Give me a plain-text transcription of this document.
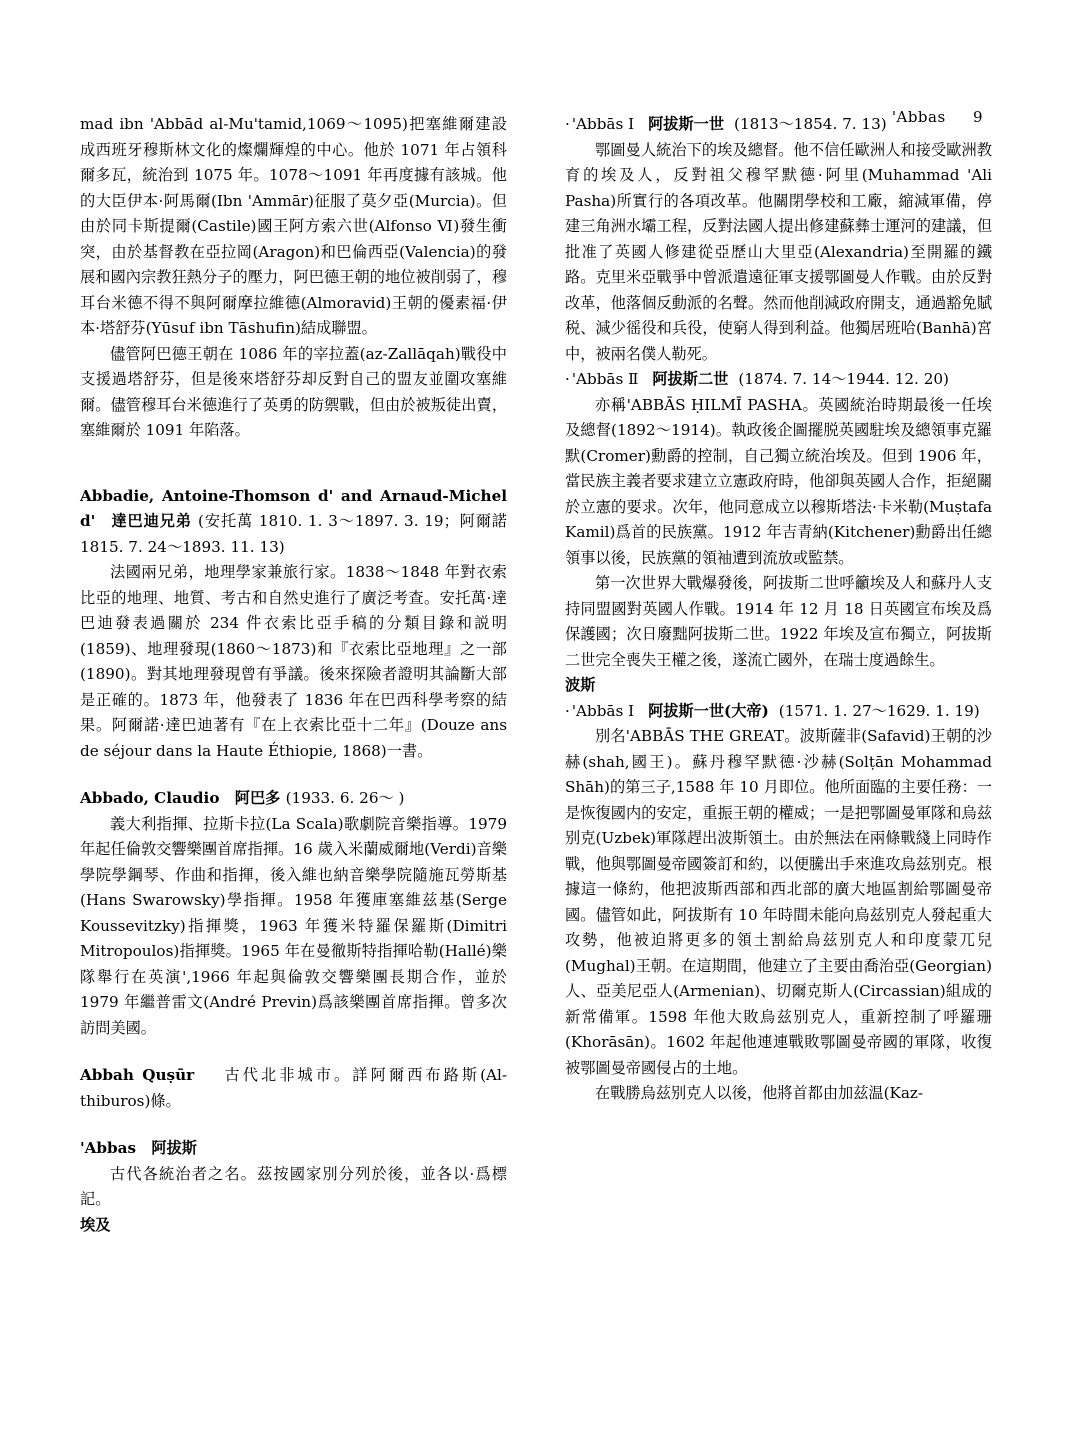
'Abbas 9

mad ibn 'Abbād al-Mu'tamid,1069～1095)把塞維爾建設成西班牙穆斯林文化的燦爛輝煌的中心。他於 1071 年占領科爾多瓦，統治到 1075 年。1078～1091 年再度據有該城。他的大臣伊本·阿馬爾(Ibn 'Ammār)征服了莫夕亞(Murcia)。但由於同卡斯提爾(Castile)國王阿方索六世(Alfonso Ⅵ)發生衝突，由於基督教在亞拉岡(Aragon)和巴倫西亞(Valencia)的發展和國內宗教狂熱分子的壓力，阿巴德王朝的地位被削弱了，穆耳台米德不得不與阿爾摩拉維德(Almoravid)王朝的優素福·伊本·塔舒芬(Yūsuf ibn Tāshufin)結成聯盟。

儘管阿巴德王朝在 1086 年的宰拉蓋(az-Zallāqah)戰役中支援過塔舒芬，但是後來塔舒芬却反對自己的盟友並圍攻塞維爾。儘管穆耳台米德進行了英勇的防禦戰，但由於被叛徒出賣，塞維爾於 1091 年陷落。

Abbadie, Antoine-Thomson d' and Arnaud-Michel d' 達巴迪兄弟 (安托萬 1810. 1. 3～1897. 3. 19；阿爾諾 1815. 7. 24～1893. 11. 13)

法國兩兄弟，地理學家兼旅行家。1838～1848 年對衣索比亞的地理、地質、考古和自然史進行了廣泛考查。安托萬·達巴迪發表過關於 234 件衣索比亞手稿的分類目錄和説明(1859)、地理發現(1860～1873)和『衣索比亞地理』之一部(1890)。對其地理發現曾有爭議。後來探險者證明其論斷大部是正確的。1873 年，他發表了 1836 年在巴西科學考察的結果。阿爾諾·達巴迪著有『在上衣索比亞十二年』(Douze ans de séjour dans la Haute Éthiopie, 1868)一書。

Abbado, Claudio 阿巴多 (1933. 6. 26～ )

義大利指揮、拉斯卡拉(La Scala)歌劇院音樂指導。1979 年起任倫敦交響樂團首席指揮。16 歲入米蘭威爾地(Verdi)音樂學院學鋼琴、作曲和指揮，後入維也納音樂學院隨施瓦勞斯基(Hans Swarowsky)學指揮。1958 年獲庫塞維兹基(Serge Koussevitzky)指揮獎，1963 年獲米特羅保羅斯(Dimitri Mitropoulos)指揮獎。1965 年在曼徹斯特指揮哈勒(Hallé)樂隊舉行在英演',1966 年起與倫敦交響樂團長期合作，並於 1979 年繼普雷文(André Previn)爲該樂團首席指揮。曾多次訪問美國。

Abbah Quṣūr 古代北非城市。詳阿爾西布路斯(Al-thiburos)條。

'Abbas 阿拔斯

古代各統治者之名。茲按國家別分列於後，並各以·爲標記。

埃及

·'Abbās Ⅰ 阿拔斯一世 (1813～1854. 7. 13)

鄂圖曼人統治下的埃及總督。他不信任歐洲人和接受歐洲教育的埃及人，反對祖父穆罕默德·阿里(Muhammad 'Ali Pasha)所實行的各項改革。他關閉學校和工廠，縮減軍備，停建三角洲水壩工程，反對法國人提出修建蘇彝士運河的建議，但批准了英國人修建從亞歷山大里亞(Alexandria)至開羅的鐵路。克里米亞戰爭中曾派遣遠征軍支援鄂圖曼人作戰。由於反對改革，他落個反動派的名聲。然而他削減政府開支，通過豁免賦税、減少徭役和兵役，使窮人得到利益。他獨居班哈(Banhā)宮中，被兩名僕人勒死。

·'Abbās Ⅱ 阿拔斯二世 (1874. 7. 14～1944. 12. 20)

亦稱'ABBĀS ḤILMĪ PASHA。英國統治時期最後一任埃及總督(1892～1914)。執政後企圖擺脱英國駐埃及總領事克羅默(Cromer)勳爵的控制，自己獨立統治埃及。但到 1906 年，當民族主義者要求建立立憲政府時，他卻與英國人合作，拒絕關於立憲的要求。次年，他同意成立以穆斯塔法·卡米勒(Muṣtafa Kamil)爲首的民族黨。1912 年吉青納(Kitchener)勳爵出任總領事以後，民族黨的領袖遭到流放或監禁。

第一次世界大戰爆發後，阿拔斯二世呼籲埃及人和蘇丹人支持同盟國對英國人作戰。1914 年 12 月 18 日英國宣布埃及爲保護國；次日廢黜阿拔斯二世。1922 年埃及宣布獨立，阿拔斯二世完全喪失王權之後，遂流亡國外，在瑞士度過餘生。

波斯

·'Abbās Ⅰ 阿拔斯一世(大帝) (1571. 1. 27～1629. 1. 19)

別名'ABBĀS THE GREAT。波斯薩非(Safavid)王朝的沙赫(shah,國王)。蘇丹穆罕默德·沙赫(Solṭān Mohammad Shāh)的第三子,1588 年 10 月即位。他所面臨的主要任務：一是恢復國内的安定，重振王朝的權威；一是把鄂圖曼軍隊和烏兹别克(Uzbek)軍隊趕出波斯領土。由於無法在兩條戰綫上同時作戰，他與鄂圖曼帝國簽訂和約，以便騰出手來進攻烏兹别克。根據這一條約，他把波斯西部和西北部的廣大地區割給鄂圖曼帝國。儘管如此，阿拔斯有 10 年時間未能向烏兹别克人發起重大攻勢，他被迫將更多的領土割給烏兹别克人和印度蒙兀兒(Mughal)王朝。在這期間，他建立了主要由喬治亞(Georgian)人、亞美尼亞人(Armenian)、切爾克斯人(Circassian)組成的新常備軍。1598 年他大敗烏兹别克人，重新控制了呼羅珊(Khorāsān)。1602 年起他連連戰敗鄂圖曼帝國的軍隊，收復被鄂圖曼帝國侵占的土地。

在戰勝烏兹别克人以後，他將首都由加兹温(Kaz-
